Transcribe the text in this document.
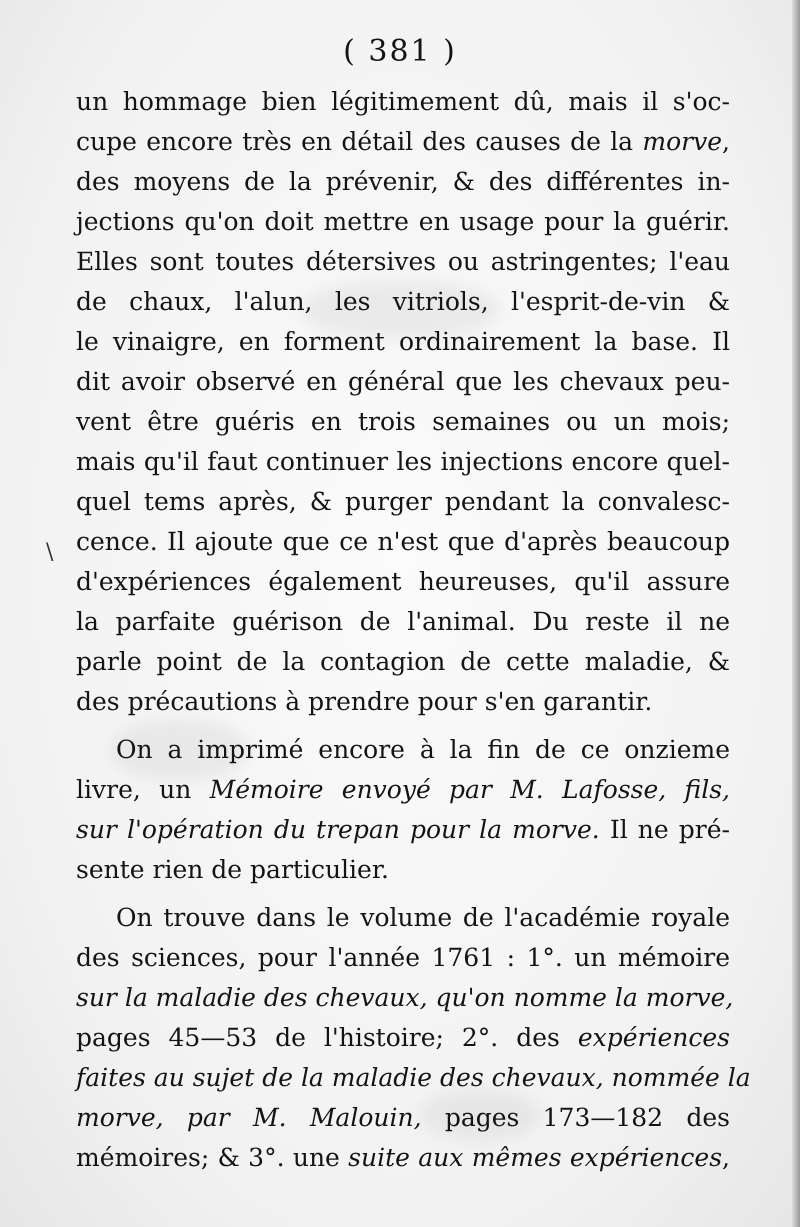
( 381 )
\
un hommage bien légitimement dû, mais il s'oc-
cupe encore très en détail des causes de la morve,
des moyens de la prévenir, & des différentes in-
jections qu'on doit mettre en usage pour la guérir.
Elles sont toutes détersives ou astringentes; l'eau
de chaux, l'alun, les vitriols, l'esprit-de-vin &
le vinaigre, en forment ordinairement la base. Il
dit avoir observé en général que les chevaux peu-
vent être guéris en trois semaines ou un mois;
mais qu'il faut continuer les injections encore quel-
quel tems après, & purger pendant la convalesc-
cence. Il ajoute que ce n'est que d'après beaucoup
d'expériences également heureuses, qu'il assure
la parfaite guérison de l'animal. Du reste il ne
parle point de la contagion de cette maladie, &
des précautions à prendre pour s'en garantir.
On a imprimé encore à la fin de ce onzieme
livre, un Mémoire envoyé par M. Lafosse, fils,
sur l'opération du trepan pour la morve. Il ne pré-
sente rien de particulier.
On trouve dans le volume de l'académie royale
des sciences, pour l'année 1761 : 1°. un mémoire
sur la maladie des chevaux, qu'on nomme la morve,
pages 45—53 de l'histoire; 2°. des expériences
faites au sujet de la maladie des chevaux, nommée la
morve, par M. Malouin, pages 173—182 des
mémoires; & 3°. une suite aux mêmes expériences,
